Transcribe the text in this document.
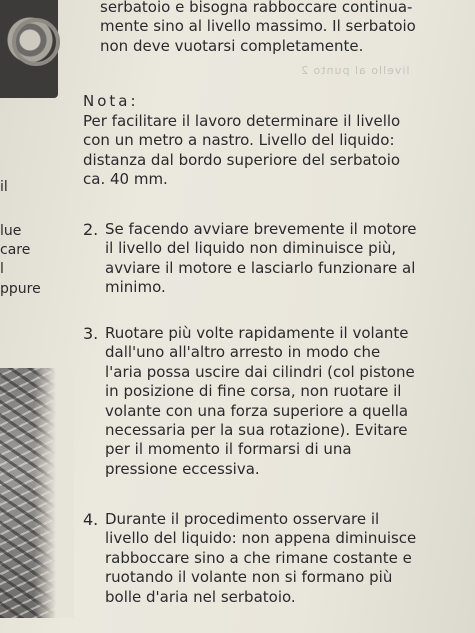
il
lue
care
l
ppure
livello al punto 2
serbatoio e bisogna rabboccare continua-
mente sino al livello massimo. Il serbatoio
non deve vuotarsi completamente.
Nota:
Per facilitare il lavoro determinare il livello
con un metro a nastro. Livello del liquido:
distanza dal bordo superiore del serbatoio
ca. 40 mm.
2. Se facendo avviare brevemente il motore
il livello del liquido non diminuisce più,
avviare il motore e lasciarlo funzionare al
minimo.
3. Ruotare più volte rapidamente il volante
dall'uno all'altro arresto in modo che
l'aria possa uscire dai cilindri (col pistone
in posizione di fine corsa, non ruotare il
volante con una forza superiore a quella
necessaria per la sua rotazione). Evitare
per il momento il formarsi di una
pressione eccessiva.
4. Durante il procedimento osservare il
livello del liquido: non appena diminuisce
rabboccare sino a che rimane costante e
ruotando il volante non si formano più
bolle d'aria nel serbatoio.
